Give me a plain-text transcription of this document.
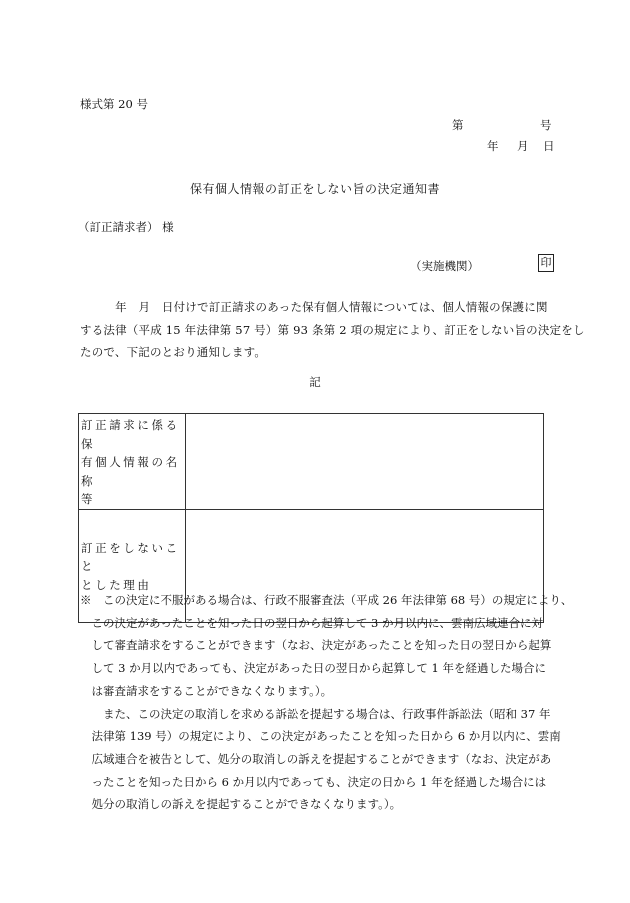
様式第 20 号
第	号
年 月 日
保有個人情報の訂正をしない旨の決定通知書
（訂正請求者） 様
（実施機関）	印

　　　年　月　日付けで訂正請求のあった保有個人情報については、個人情報の保護に関

する法律（平成 15 年法律第 57 号）第 93 条第 2 項の規定により、訂正をしない旨の決定をし

たので、下記のとおり通知します。

記
訂正請求に係る保
有個人情報の名称
等	

訂正をしないこと
とした理由	

※　この決定に不服がある場合は、行政不服審査法（平成 26 年法律第 68 号）の規定により、

　この決定があったことを知った日の翌日から起算して 3 か月以内に、雲南広域連合に対

　して審査請求をすることができます（なお、決定があったことを知った日の翌日から起算

　して 3 か月以内であっても、決定があった日の翌日から起算して 1 年を経過した場合に

　は審査請求をすることができなくなります。）。

　　また、この決定の取消しを求める訴訟を提起する場合は、行政事件訴訟法（昭和 37 年

　法律第 139 号）の規定により、この決定があったことを知った日から 6 か月以内に、雲南

　広域連合を被告として、処分の取消しの訴えを提起することができます（なお、決定があ

　ったことを知った日から 6 か月以内であっても、決定の日から 1 年を経過した場合には

　処分の取消しの訴えを提起することができなくなります。）。
